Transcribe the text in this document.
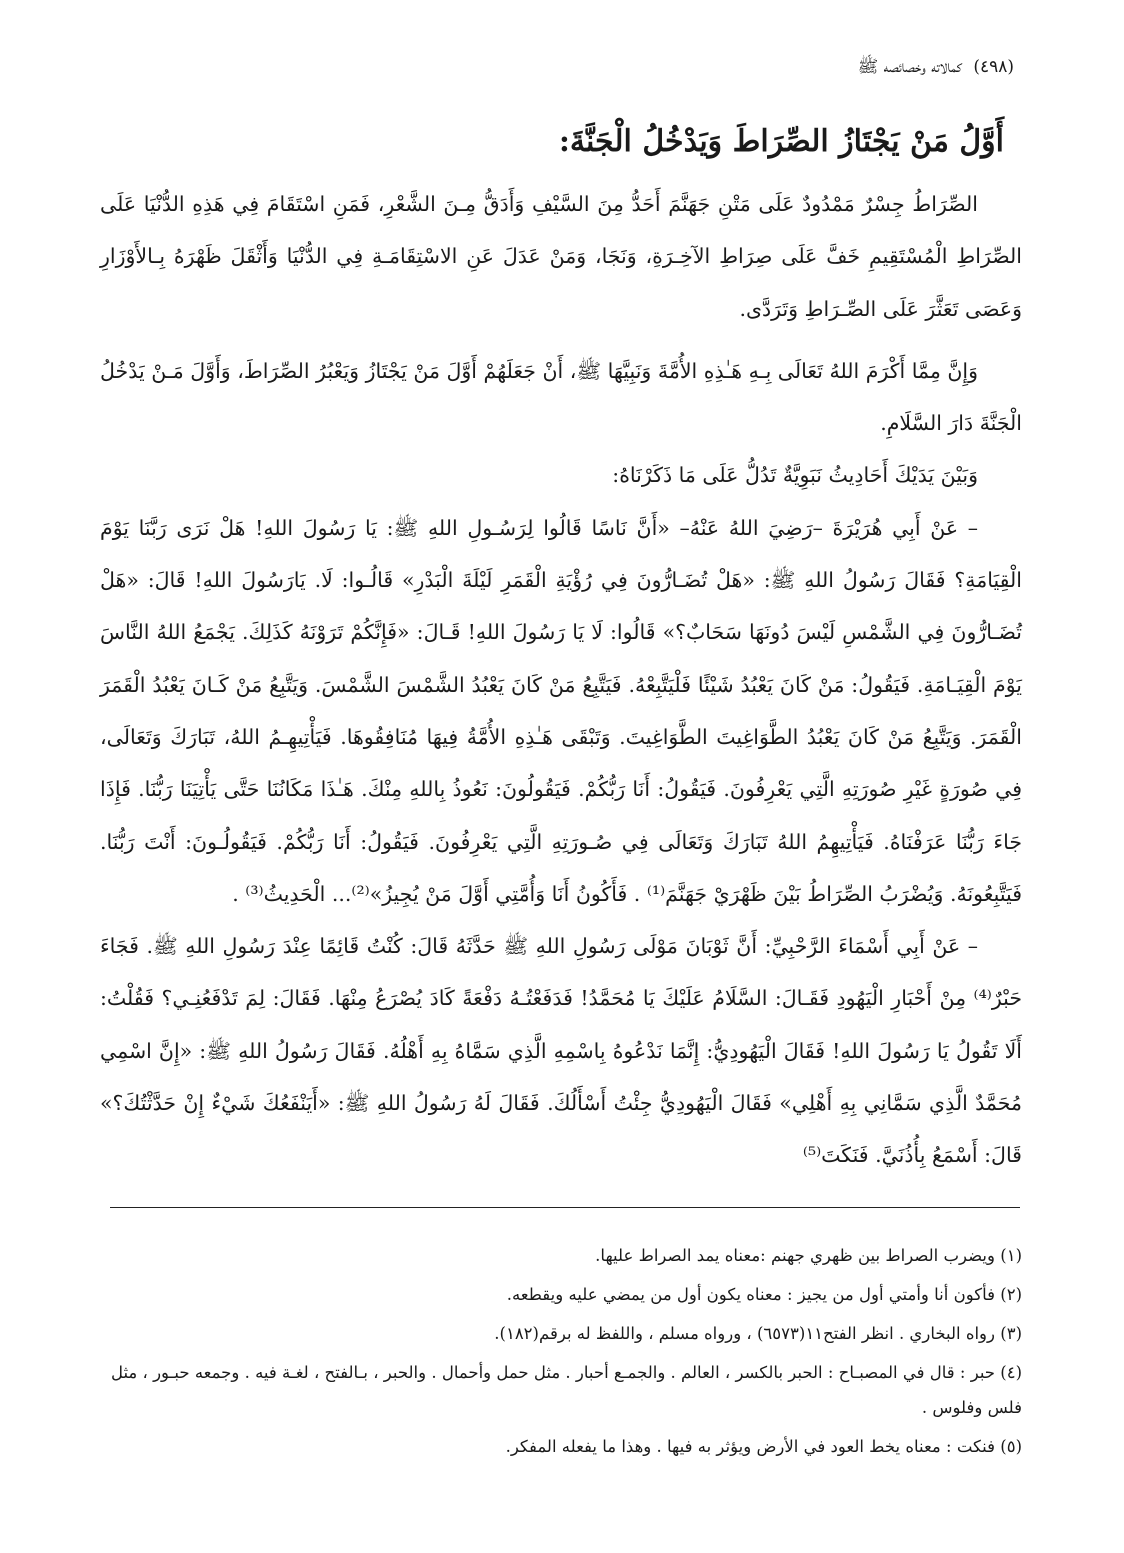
(٤٩٨) كمالاته وخصائصه ﷺ
أَوَّلُ مَنْ يَجْتَازُ الصِّرَاطَ وَيَدْخُلُ الْجَنَّةَ:

الصِّرَاطُ جِسْرٌ مَمْدُودٌ عَلَى مَتْنِ جَهَنَّمَ أَحَدُّ مِنَ السَّيْفِ وَأَدَقُّ مِـنَ الشَّعْرِ، فَمَنِ اسْتَقَامَ فِي هَذِهِ الدُّنْيَا عَلَى الصِّرَاطِ الْمُسْتَقِيمِ خَفَّ عَلَى صِرَاطِ الآخِـرَةِ، وَنَجَا، وَمَنْ عَدَلَ عَنِ الاسْتِقَامَـةِ فِي الدُّنْيَا وَأَثْقَلَ ظَهْرَهُ بِـالأَوْزَارِ وَعَصَى تَعَثَّرَ عَلَى الصِّـرَاطِ وَتَرَدَّى.

وَإِنَّ مِمَّا أَكْرَمَ اللهُ تَعَالَى بِـهِ هَـٰذِهِ الأُمَّةَ وَنَبِيَّهَا ﷺ، أَنْ جَعَلَهُمْ أَوَّلَ مَنْ يَجْتَازُ وَيَعْبُرُ الصِّرَاطَ، وَأَوَّلَ مَـنْ يَدْخُلُ الْجَنَّةَ دَارَ السَّلَامِ.

وَبَيْنَ يَدَيْكَ أَحَادِيثُ نَبَوِيَّةٌ تَدُلُّ عَلَى مَا ذَكَرْنَاهُ:

– عَنْ أَبِي هُرَيْرَةَ –رَضِيَ اللهُ عَنْهُ– «أَنَّ نَاسًا قَالُوا لِرَسُـولِ اللهِ ﷺ: يَا رَسُولَ اللهِ! هَلْ نَرَى رَبَّنَا يَوْمَ الْقِيَامَةِ؟ فَقَالَ رَسُولُ اللهِ ﷺ: «هَلْ تُضَـارُّونَ فِي رُؤْيَةِ الْقَمَرِ لَيْلَةَ الْبَدْرِ» قَالُـوا: لَا. يَارَسُولَ اللهِ! قَالَ: «هَلْ تُضَـارُّونَ فِي الشَّمْسِ لَيْسَ دُونَهَا سَحَابٌ؟» قَالُوا: لَا يَا رَسُولَ اللهِ! قَـالَ: «فَإِنَّكُمْ تَرَوْنَهُ كَذَلِكَ. يَجْمَعُ اللهُ النَّاسَ يَوْمَ الْقِيَـامَةِ. فَيَقُولُ: مَنْ كَانَ يَعْبُدُ شَيْئًا فَلْيَتَّبِعْهُ. فَيَتَّبِعُ مَنْ كَانَ يَعْبُدُ الشَّمْسَ الشَّمْسَ. وَيَتَّبِعُ مَنْ كَـانَ يَعْبُدُ الْقَمَرَ الْقَمَرَ. وَيَتَّبِعُ مَنْ كَانَ يَعْبُدُ الطَّوَاغِيتَ الطَّوَاغِيتَ. وَتَبْقَى هَـٰذِهِ الأُمَّةُ فِيهَا مُنَافِقُوهَا. فَيَأْتِيهِـمُ اللهُ، تَبَارَكَ وَتَعَالَى، فِي صُورَةٍ غَيْرِ صُورَتِهِ الَّتِي يَعْرِفُونَ. فَيَقُولُ: أَنَا رَبُّكُمْ. فَيَقُولُونَ: نَعُوذُ بِاللهِ مِنْكَ. هَـٰذَا مَكَانُنَا حَتَّى يَأْتِيَنَا رَبُّنَا. فَإِذَا جَاءَ رَبُّنَا عَرَفْنَاهُ. فَيَأْتِيهِمُ اللهُ تَبَارَكَ وَتَعَالَى فِي صُـورَتِهِ الَّتِي يَعْرِفُونَ. فَيَقُولُ: أَنَا رَبُّكُمْ. فَيَقُولُـونَ: أَنْتَ رَبُّنَا. فَيَتَّبِعُونَهُ. وَيُضْرَبُ الصِّرَاطُ بَيْنَ ظَهْرَيْ جَهَنَّمَ⁽¹⁾ . فَأَكُونُ أَنَا وَأُمَّتِي أَوَّلَ مَنْ يُجِيزُ»⁽²⁾... الْحَدِيثُ⁽³⁾ .

– عَنْ أَبِي أَسْمَاءَ الرَّحْبِيِّ: أَنَّ ثَوْبَانَ مَوْلَى رَسُولِ اللهِ ﷺ حَدَّثَهُ قَالَ: كُنْتُ قَائِمًا عِنْدَ رَسُولِ اللهِ ﷺ. فَجَاءَ حَبْرٌ⁽⁴⁾ مِنْ أَحْبَارِ الْيَهُودِ فَقَـالَ: السَّلَامُ عَلَيْكَ يَا مُحَمَّدُ! فَدَفَعْتُـهُ دَفْعَةً كَادَ يُصْرَعُ مِنْهَا. فَقَالَ: لِمَ تَدْفَعُنِـي؟ فَقُلْتُ: أَلَا تَقُولُ يَا رَسُولَ اللهِ! فَقَالَ الْيَهُودِيُّ: إِنَّمَا نَدْعُوهُ بِاسْمِهِ الَّذِي سَمَّاهُ بِهِ أَهْلُهُ. فَقَالَ رَسُولُ اللهِ ﷺ: «إِنَّ اسْمِي مُحَمَّدٌ الَّذِي سَمَّانِي بِهِ أَهْلِي» فَقَالَ الْيَهُودِيُّ جِئْتُ أَسْأَلُكَ. فَقَالَ لَهُ رَسُولُ اللهِ ﷺ: «أَيَنْفَعُكَ شَيْءٌ إِنْ حَدَّثْتُكَ؟» قَالَ: أَسْمَعُ بِأُذُنَيَّ. فَنَكَتَ⁽⁵⁾

(١) ويضرب الصراط بين ظهري جهنم :معناه يمد الصراط عليها.
(٢) فأكون أنا وأمتي أول من يجيز : معناه يكون أول من يمضي عليه ويقطعه.
(٣) رواه البخاري . انظر الفتح١١(٦٥٧٣) ، ورواه مسلم ، واللفظ له برقم(١٨٢).
(٤) حبر : قال في المصبـاح : الحبر بالكسر ، العالم . والجمـع أحبار . مثل حمل وأحمال . والحبر ، بـالفتح ، لغـة فيه . وجمعه حبـور ، مثل فلس وفلوس .
(٥) فنكت : معناه يخط العود في الأرض ويؤثر به فيها . وهذا ما يفعله المفكر.
